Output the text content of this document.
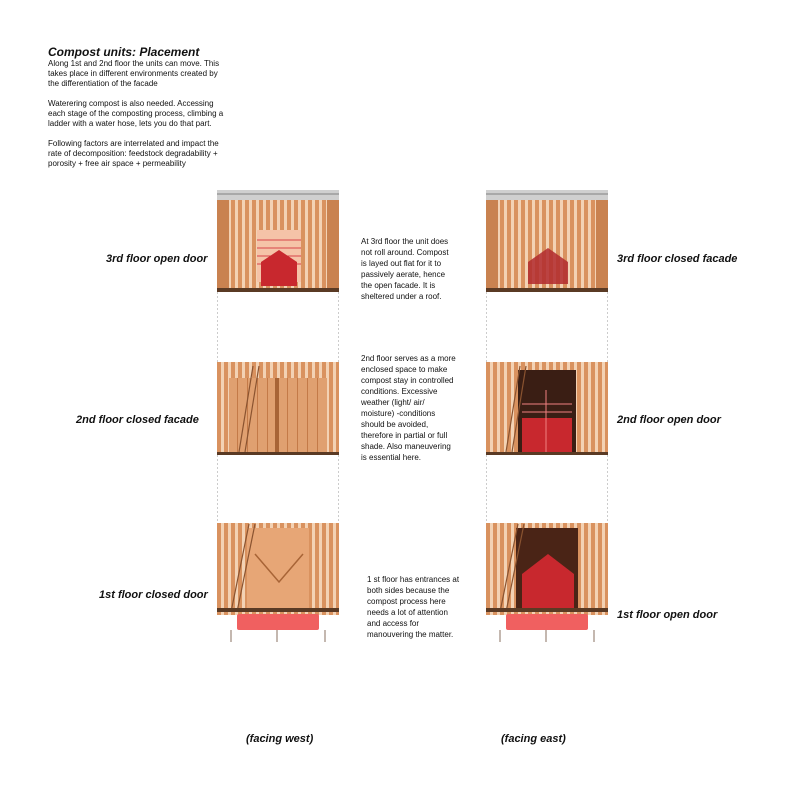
Compost units: Placement

Along 1st and 2nd floor the units can move. This takes place in different environments created by the differentiation of the facade

Waterering compost is also needed. Accessing each stage of the composting process, climbing a ladder with a water hose, lets you do that part.

Following factors are interrelated and impact the rate of decomposition: feedstock degradability + porosity + free air space + permeability

3rd floor open door
2nd floor closed facade
1st floor closed door
3rd floor closed facade
2nd floor open door
1st floor open door
At 3rd floor the unit does not roll around. Compost is layed out flat for it to passively aerate, hence the open facade. It is sheltered under a roof.
2nd floor serves as a more enclosed space to make compost stay in controlled conditions. Excessive weather (light/ air/ moisture) -conditions should be avoided, therefore in partial or full shade. Also maneuvering is essential here.
1 st floor has entrances at both sides because the compost process here needs a lot of attention and access for manouvering the matter.
(facing west)	(facing east)
